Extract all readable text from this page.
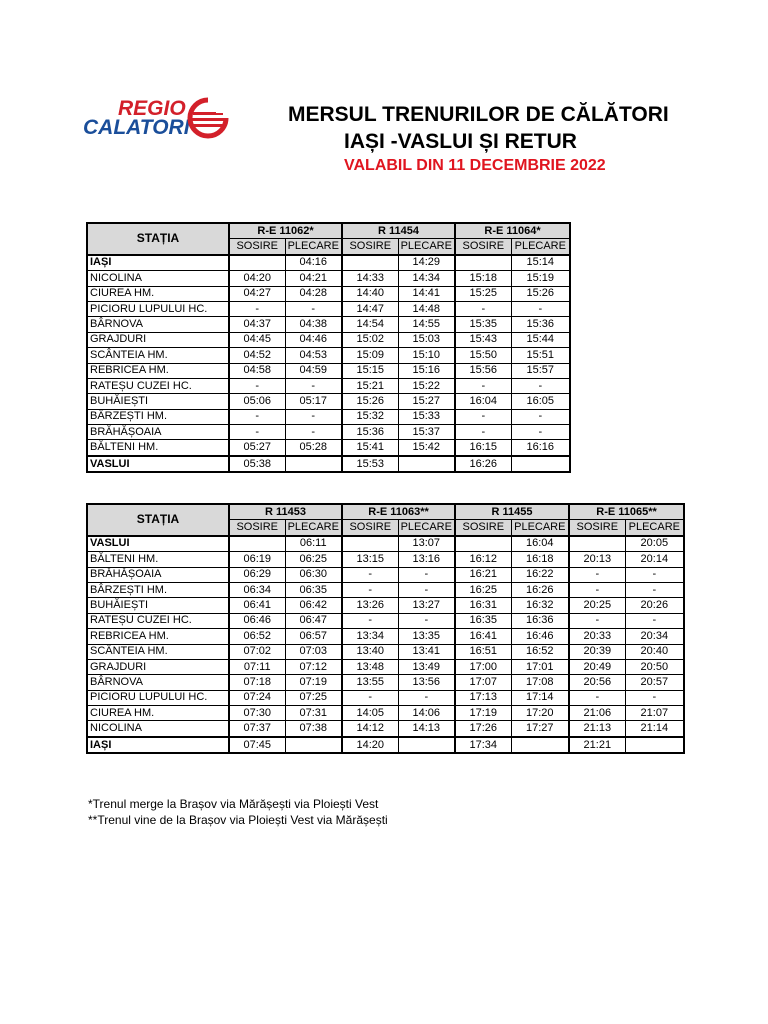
REGIO
CALATORI
MERSUL TRENURILOR DE CĂLĂTORI
IAȘI -VASLUI ȘI RETUR
VALABIL DIN 11 DECEMBRIE 2022
STAȚIA	R-E 11062*		R 11454		R-E 11064*	
	SOSIRE	PLECARE	SOSIRE	PLECARE	SOSIRE	PLECARE
IAȘI		04:16		14:29		15:14
NICOLINA	04:20	04:21	14:33	14:34	15:18	15:19
CIUREA HM.	04:27	04:28	14:40	14:41	15:25	15:26
PICIORU LUPULUI HC.	-	-	14:47	14:48	-	-
BÂRNOVA	04:37	04:38	14:54	14:55	15:35	15:36
GRAJDURI	04:45	04:46	15:02	15:03	15:43	15:44
SCÂNTEIA HM.	04:52	04:53	15:09	15:10	15:50	15:51
REBRICEA HM.	04:58	04:59	15:15	15:16	15:56	15:57
RATEȘU CUZEI HC.	-	-	15:21	15:22	-	-
BUHĂIEȘTI	05:06	05:17	15:26	15:27	16:04	16:05
BÂRZEȘTI HM.	-	-	15:32	15:33	-	-
BRĂHĂȘOAIA	-	-	15:36	15:37	-	-
BĂLTENI HM.	05:27	05:28	15:41	15:42	16:15	16:16
VASLUI	05:38		15:53		16:26	
STAȚIA	R 11453		R-E 11063**		R 11455		R-E 11065**	
	SOSIRE	PLECARE	SOSIRE	PLECARE	SOSIRE	PLECARE	SOSIRE	PLECARE
VASLUI		06:11		13:07		16:04		20:05
BĂLTENI HM.	06:19	06:25	13:15	13:16	16:12	16:18	20:13	20:14
BRĂHĂȘOAIA	06:29	06:30	-	-	16:21	16:22	-	-
BÂRZEȘTI HM.	06:34	06:35	-	-	16:25	16:26	-	-
BUHĂIEȘTI	06:41	06:42	13:26	13:27	16:31	16:32	20:25	20:26
RATEȘU CUZEI HC.	06:46	06:47	-	-	16:35	16:36	-	-
REBRICEA HM.	06:52	06:57	13:34	13:35	16:41	16:46	20:33	20:34
SCÂNTEIA HM.	07:02	07:03	13:40	13:41	16:51	16:52	20:39	20:40
GRAJDURI	07:11	07:12	13:48	13:49	17:00	17:01	20:49	20:50
BÂRNOVA	07:18	07:19	13:55	13:56	17:07	17:08	20:56	20:57
PICIORU LUPULUI HC.	07:24	07:25	-	-	17:13	17:14	-	-
CIUREA HM.	07:30	07:31	14:05	14:06	17:19	17:20	21:06	21:07
NICOLINA	07:37	07:38	14:12	14:13	17:26	17:27	21:13	21:14
IAȘI	07:45		14:20		17:34		21:21	
*Trenul merge la Brașov via Mărășești via Ploiești Vest
**Trenul vine de la Brașov via Ploiești Vest via Mărășești
